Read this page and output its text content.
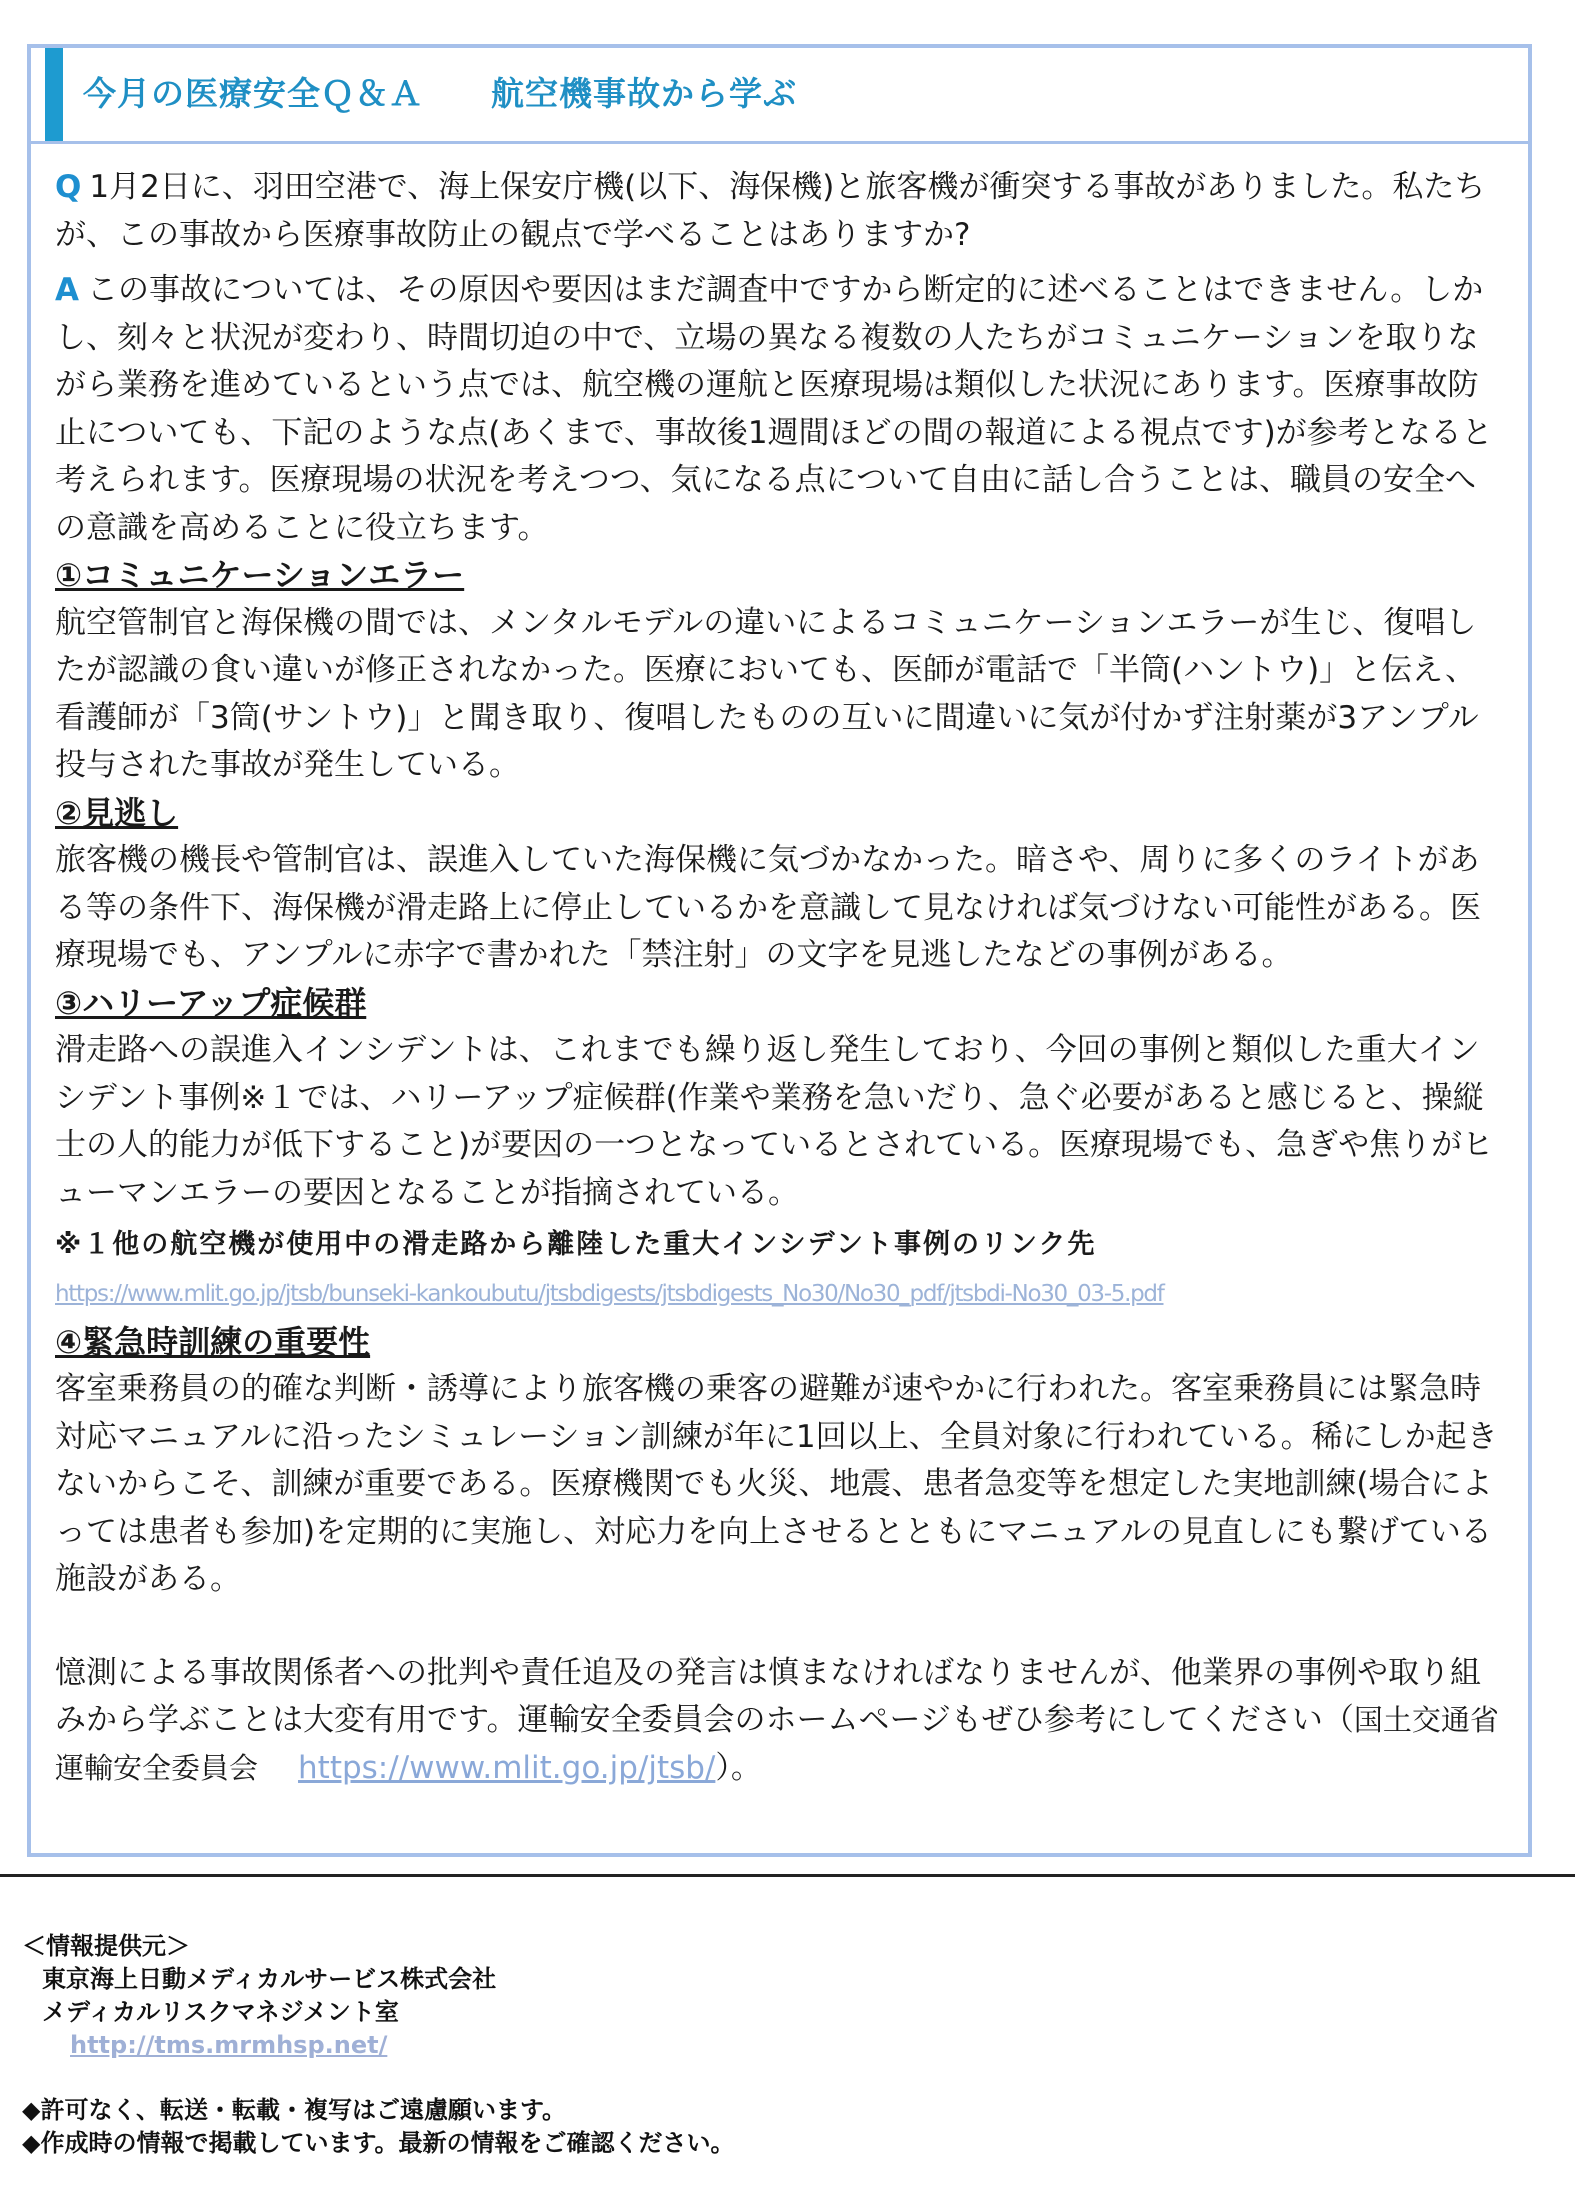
今月の医療安全Ｑ＆Ａ　　航空機事故から学ぶ

Q 1月2日に、羽田空港で、海上保安庁機(以下、海保機)と旅客機が衝突する事故がありました。私たちが、この事故から医療事故防止の観点で学べることはありますか?

A この事故については、その原因や要因はまだ調査中ですから断定的に述べることはできません。しかし、刻々と状況が変わり、時間切迫の中で、立場の異なる複数の人たちがコミュニケーションを取りながら業務を進めているという点では、航空機の運航と医療現場は類似した状況にあります。医療事故防止についても、下記のような点(あくまで、事故後1週間ほどの間の報道による視点です)が参考となると考えられます。医療現場の状況を考えつつ、気になる点について自由に話し合うことは、職員の安全への意識を高めることに役立ちます。

①コミュニケーションエラー

航空管制官と海保機の間では、メンタルモデルの違いによるコミュニケーションエラーが生じ、復唱したが認識の食い違いが修正されなかった。医療においても、医師が電話で「半筒(ハントウ)」と伝え、看護師が「3筒(サントウ)」と聞き取り、復唱したものの互いに間違いに気が付かず注射薬が3アンプル投与された事故が発生している。

②見逃し

旅客機の機長や管制官は、誤進入していた海保機に気づかなかった。暗さや、周りに多くのライトがある等の条件下、海保機が滑走路上に停止しているかを意識して見なければ気づけない可能性がある。医療現場でも、アンプルに赤字で書かれた「禁注射」の文字を見逃したなどの事例がある。

③ハリーアップ症候群

滑走路への誤進入インシデントは、これまでも繰り返し発生しており、今回の事例と類似した重大インシデント事例※１では、ハリーアップ症候群(作業や業務を急いだり、急ぐ必要があると感じると、操縦士の人的能力が低下すること)が要因の一つとなっているとされている。医療現場でも、急ぎや焦りがヒューマンエラーの要因となることが指摘されている。

※１他の航空機が使用中の滑走路から離陸した重大インシデント事例のリンク先
https://www.mlit.go.jp/jtsb/bunseki-kankoubutu/jtsbdigests/jtsbdigests_No30/No30_pdf/jtsbdi-No30_03-5.pdf
④緊急時訓練の重要性

客室乗務員の的確な判断・誘導により旅客機の乗客の避難が速やかに行われた。客室乗務員には緊急時対応マニュアルに沿ったシミュレーション訓練が年に1回以上、全員対象に行われている。稀にしか起きないからこそ、訓練が重要である。医療機関でも火災、地震、患者急変等を想定した実地訓練(場合によっては患者も参加)を定期的に実施し、対応力を向上させるとともにマニュアルの見直しにも繋げている施設がある。

憶測による事故関係者への批判や責任追及の発言は慎まなければなりませんが、他業界の事例や取り組みから学ぶことは大変有用です。運輸安全委員会のホームページもぜひ参考にしてください（国土交通省　運輸安全委員会 https://www.mlit.go.jp/jtsb/）。

＜情報提供元＞
東京海上日動メディカルサービス株式会社
メディカルリスクマネジメント室
http://tms.mrmhsp.net/
◆許可なく、転送・転載・複写はご遠慮願います。
◆作成時の情報で掲載しています。最新の情報をご確認ください。
